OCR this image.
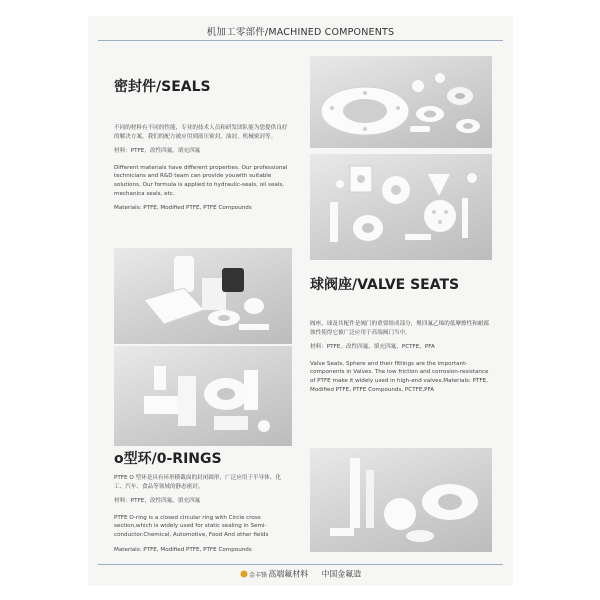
机加工零部件/MACHINED COMPONENTS
密封件/SEALS

不同的材料有不同的性能，专业的技术人员和研发团队能为您提供良好的解决方案，我们的配方被应用到液压密封，油封，机械密封等。

材料：PTFE，改性四氟，填充四氟

Different materials have different properties. Our professional technicians and R&D team can provide youwith suitable solutions, Our formula is applied to hydraulic-seals, oil seals, mechanica seals, etc.

Materials: PTFE, Modified PTFE, PTFE Compounds

球阀座/VALVE SEATS

阀座，球及其配件是阀门的重要组成部分，聚四氟乙烯的低摩擦性和耐腐蚀性使得它被广泛应用于高端阀门当中。

材料：PTFE，改性四氟，填充四氟，PCTFE，PFA

Valve Seats, Sphere and their fittings are the important-components in Valves. The low friction and corrosion-resistance of PTFE make it widely used in high-end valves.Materials: PTFE, Modified PTFE, PTFE Compounds, PCTFE,PFA

o型环/0-RINGS

PTFE O 型环是具有环形横截面的封闭圆形，广泛应用于半导体、化工、汽车、食品等领域的静态密封。

材料：PTFE，改性四氟，填充四氟

PTFE O-ring is a closed circular ring with Circle cross section,which is widely used for static sealing in Semi-conductor.Chemical, Automotive, Food And other fields

Materials: PTFE, Modified PTFE, PTFE Compounds

金丰锋 高端氟材料 中国金氟造
